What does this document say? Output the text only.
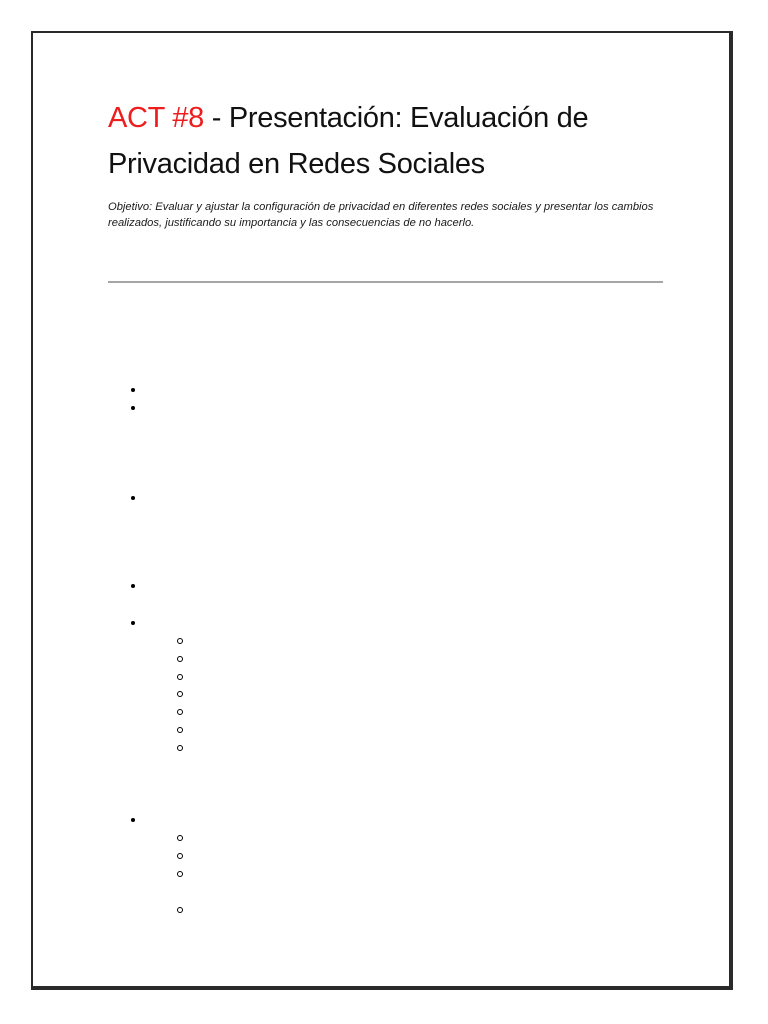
ACT #8 - Presentación: Evaluación de Privacidad en Redes Sociales

Objetivo: Evaluar y ajustar la configuración de privacidad en diferentes redes sociales y presentar los cambios realizados, justificando su importancia y las consecuencias de no hacerlo.
